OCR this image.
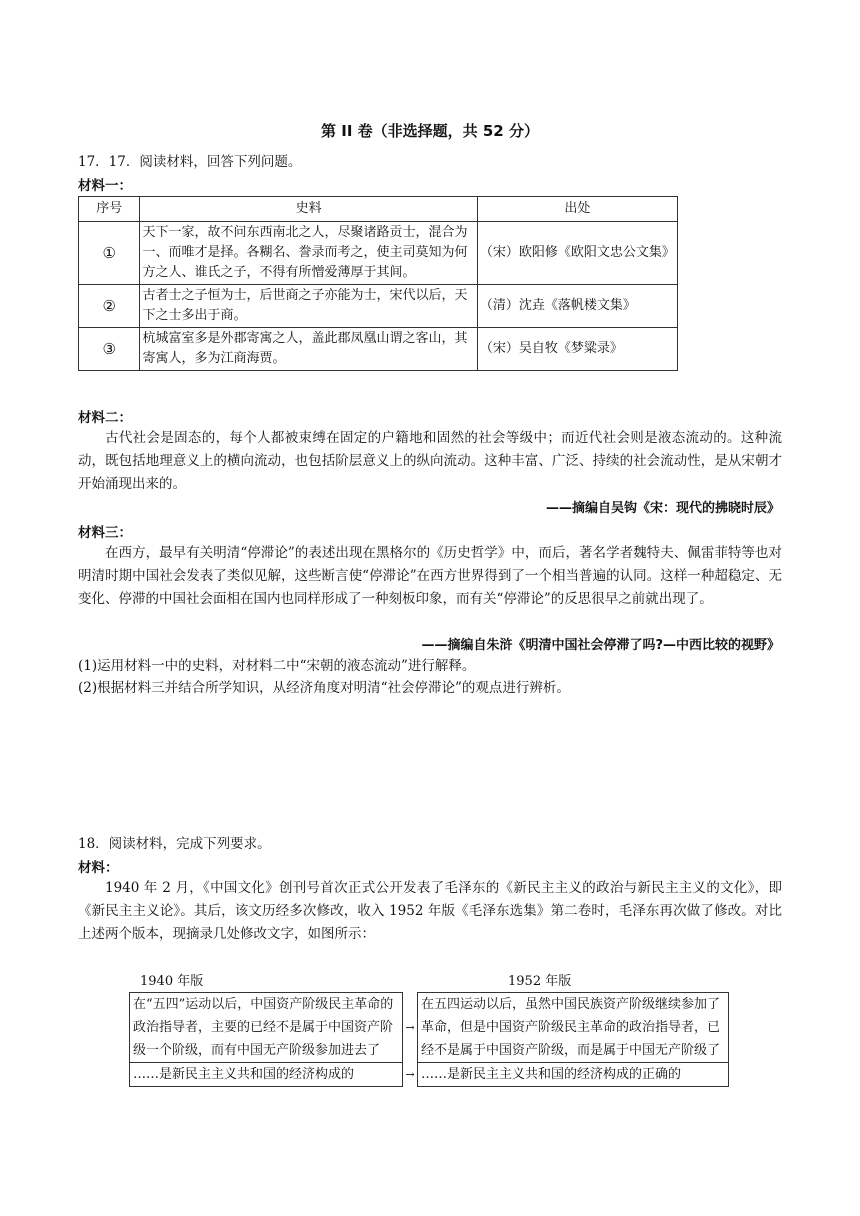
第 II 卷（非选择题，共 52 分）
17．17．阅读材料，回答下列问题。
材料一：
序号	史料	出处
①	天下一家，故不问东西南北之人，尽聚诸路贡士，混合为一、而唯才是择。各糊名、誊录而考之，使主司莫知为何方之人、谁氏之子，不得有所憎爱薄厚于其间。	（宋）欧阳修《欧阳文忠公文集》
②	古者士之子恒为士，后世商之子亦能为士，宋代以后，天下之士多出于商。	（清）沈垚《落帆楼文集》
③	杭城富室多是外郡寄寓之人，盖此郡凤凰山谓之客山，其寄寓人，多为江商海贾。	（宋）吴自牧《梦粱录》
材料二：
古代社会是固态的，每个人都被束缚在固定的户籍地和固然的社会等级中；而近代社会则是液态流动的。这种流动，既包括地理意义上的横向流动，也包括阶层意义上的纵向流动。这种丰富、广泛、持续的社会流动性，是从宋朝才开始涌现出来的。
——摘编自吴钩《宋：现代的拂晓时辰》
材料三：
在西方，最早有关明清“停滞论”的表述出现在黑格尔的《历史哲学》中，而后，著名学者魏特夫、佩雷菲特等也对明清时期中国社会发表了类似见解，这些断言使“停滞论”在西方世界得到了一个相当普遍的认同。这样一种超稳定、无变化、停滞的中国社会面相在国内也同样形成了一种刻板印象，而有关“停滞论”的反思很早之前就出现了。
——摘编自朱浒《明清中国社会停滞了吗?—中西比较的视野》
(1)运用材料一中的史料，对材料二中“宋朝的液态流动”进行解释。
(2)根据材料三并结合所学知识，从经济角度对明清“社会停滞论”的观点进行辨析。
18．阅读材料，完成下列要求。
材料：
1940 年 2 月，《中国文化》创刊号首次正式公开发表了毛泽东的《新民主主义的政治与新民主主义的文化》，即《新民主主义论》。其后，该文历经多次修改，收入 1952 年版《毛泽东选集》第二卷时，毛泽东再次做了修改。对比上述两个版本，现摘录几处修改文字，如图所示：
1940 年版	1952 年版
在“五四”运动以后，中国资产阶级民主革命的政治指导者，主要的已经不是属于中国资产阶级一个阶级，而有中国无产阶级参加进去了	→	在五四运动以后，虽然中国民族资产阶级继续参加了革命，但是中国资产阶级民主革命的政治指导者，已经不是属于中国资产阶级，而是属于中国无产阶级了
……是新民主主义共和国的经济构成的	→	……是新民主主义共和国的经济构成的正确的
